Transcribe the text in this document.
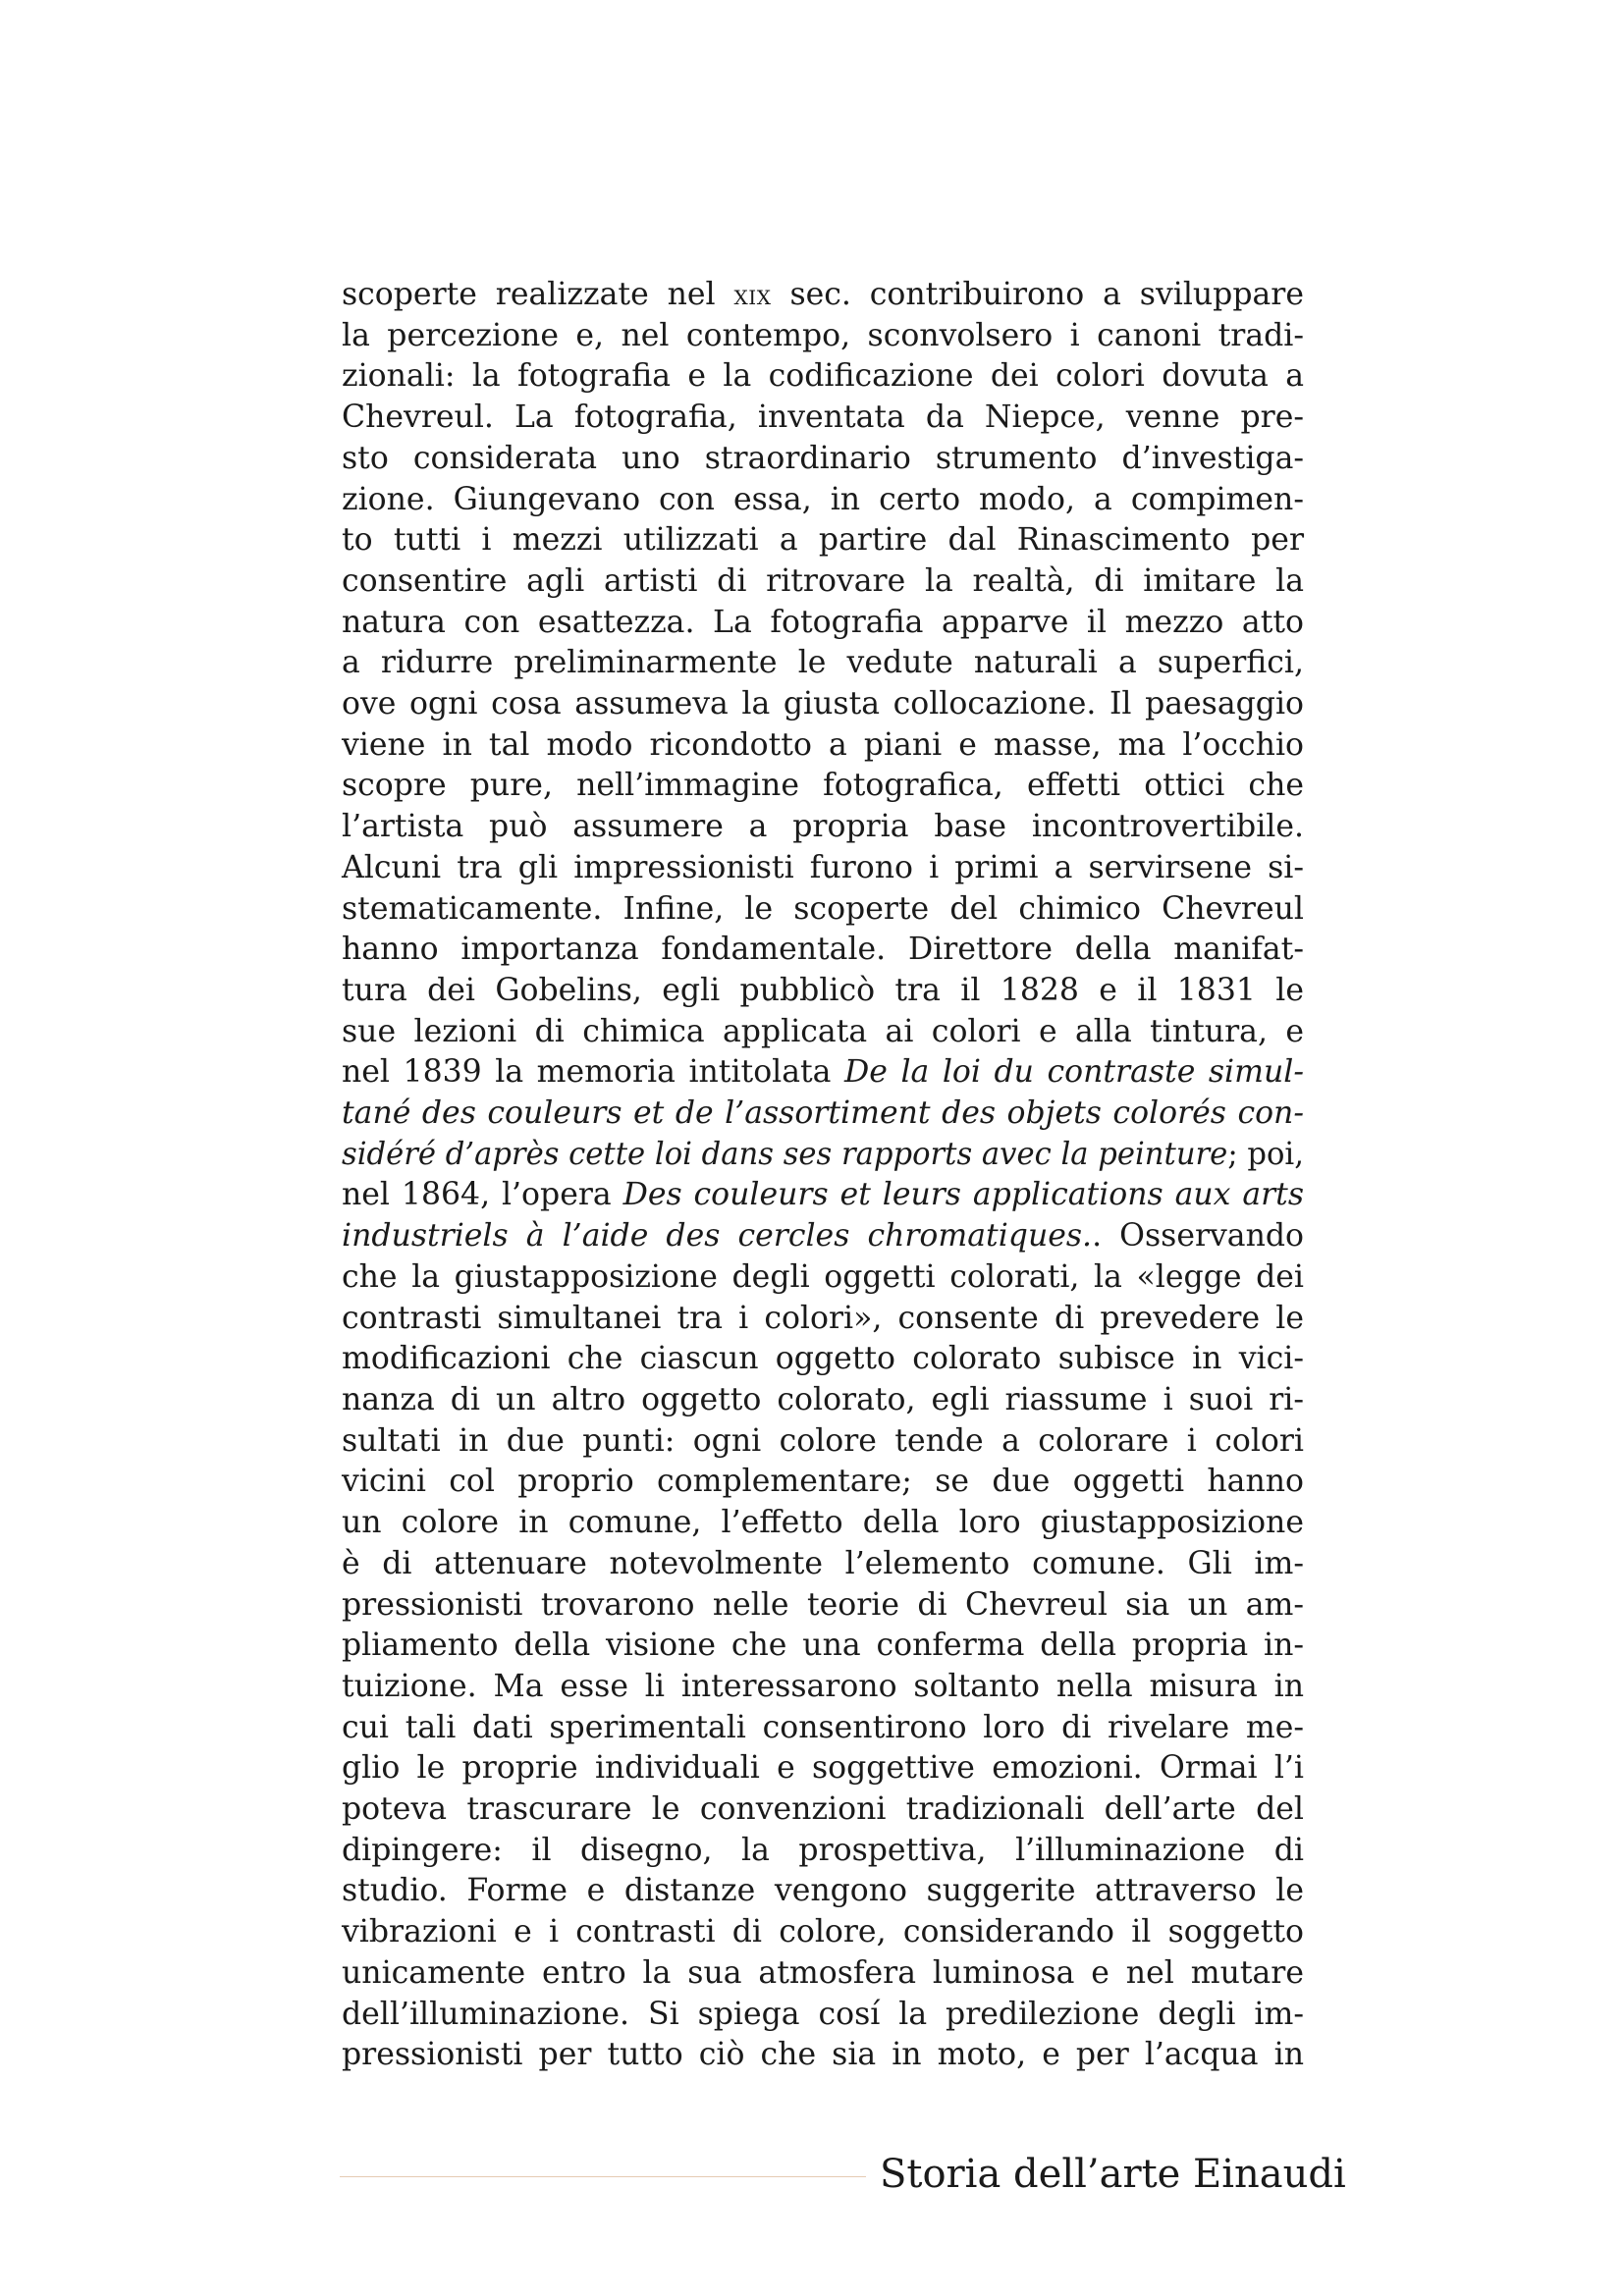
scoperte realizzate nel xix sec. contribuirono a sviluppare
la percezione e, nel contempo, sconvolsero i canoni tradi-
zionali: la fotografia e la codificazione dei colori dovuta a
Chevreul. La fotografia, inventata da Niepce, venne pre-
sto considerata uno straordinario strumento d’investiga-
zione. Giungevano con essa, in certo modo, a compimen-
to tutti i mezzi utilizzati a partire dal Rinascimento per
consentire agli artisti di ritrovare la realtà, di imitare la
natura con esattezza. La fotografia apparve il mezzo atto
a ridurre preliminarmente le vedute naturali a superfici,
ove ogni cosa assumeva la giusta collocazione. Il paesaggio
viene in tal modo ricondotto a piani e masse, ma l’occhio
scopre pure, nell’immagine fotografica, effetti ottici che
l’artista può assumere a propria base incontrovertibile.
Alcuni tra gli impressionisti furono i primi a servirsene si-
stematicamente. Infine, le scoperte del chimico Chevreul
hanno importanza fondamentale. Direttore della manifat-
tura dei Gobelins, egli pubblicò tra il 1828 e il 1831 le
sue lezioni di chimica applicata ai colori e alla tintura, e
nel 1839 la memoria intitolata De la loi du contraste simul-
tané des couleurs et de l’assortiment des objets colorés con-
sidéré d’après cette loi dans ses rapports avec la peinture; poi,
nel 1864, l’opera Des couleurs et leurs applications aux arts
industriels à l’aide des cercles chromatiques.. Osservando
che la giustapposizione degli oggetti colorati, la «legge dei
contrasti simultanei tra i colori», consente di prevedere le
modificazioni che ciascun oggetto colorato subisce in vici-
nanza di un altro oggetto colorato, egli riassume i suoi ri-
sultati in due punti: ogni colore tende a colorare i colori
vicini col proprio complementare; se due oggetti hanno
un colore in comune, l’effetto della loro giustapposizione
è di attenuare notevolmente l’elemento comune. Gli im-
pressionisti trovarono nelle teorie di Chevreul sia un am-
pliamento della visione che una conferma della propria in-
tuizione. Ma esse li interessarono soltanto nella misura in
cui tali dati sperimentali consentirono loro di rivelare me-
glio le proprie individuali e soggettive emozioni. Ormai l’i
poteva trascurare le convenzioni tradizionali dell’arte del
dipingere: il disegno, la prospettiva, l’illuminazione di
studio. Forme e distanze vengono suggerite attraverso le
vibrazioni e i contrasti di colore, considerando il soggetto
unicamente entro la sua atmosfera luminosa e nel mutare
dell’illuminazione. Si spiega cosí la predilezione degli im-
pressionisti per tutto ciò che sia in moto, e per l’acqua in
Storia dell’arte Einaudi
